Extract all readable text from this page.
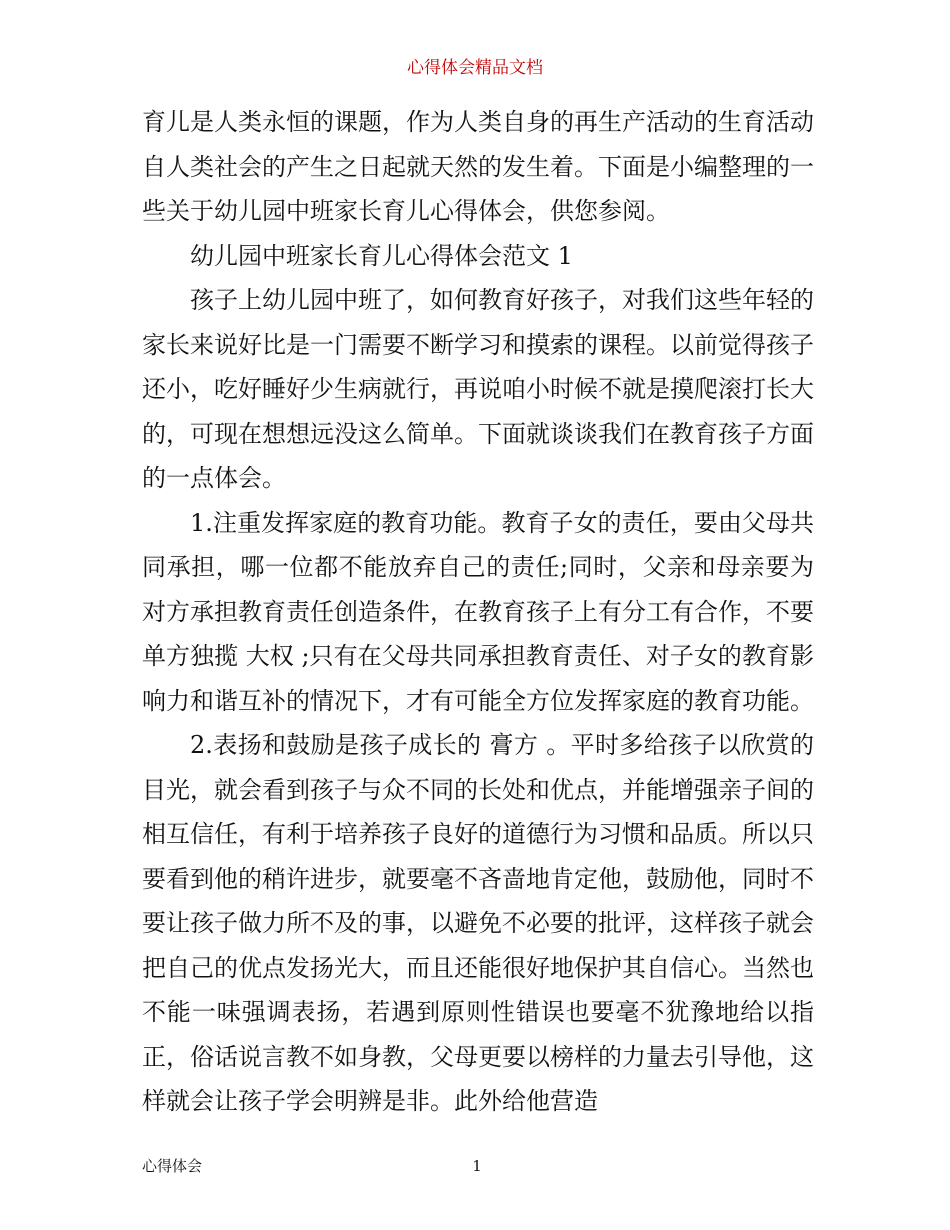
心得体会精品文档

育儿是人类永恒的课题，作为人类自身的再生产活动的生育活动自人类社会的产生之日起就天然的发生着。下面是小编整理的一些关于幼儿园中班家长育儿心得体会，供您参阅。

幼儿园中班家长育儿心得体会范文 1

孩子上幼儿园中班了，如何教育好孩子，对我们这些年轻的家长来说好比是一门需要不断学习和摸索的课程。以前觉得孩子还小，吃好睡好少生病就行，再说咱小时候不就是摸爬滚打长大的，可现在想想远没这么简单。下面就谈谈我们在教育孩子方面的一点体会。

1.注重发挥家庭的教育功能。教育子女的责任，要由父母共同承担，哪一位都不能放弃自己的责任;同时，父亲和母亲要为对方承担教育责任创造条件，在教育孩子上有分工有合作，不要单方独揽 大权 ;只有在父母共同承担教育责任、对子女的教育影响力和谐互补的情况下，才有可能全方位发挥家庭的教育功能。

2.表扬和鼓励是孩子成长的 膏方 。平时多给孩子以欣赏的目光，就会看到孩子与众不同的长处和优点，并能增强亲子间的相互信任，有利于培养孩子良好的道德行为习惯和品质。所以只要看到他的稍许进步，就要毫不吝啬地肯定他，鼓励他，同时不要让孩子做力所不及的事，以避免不必要的批评，这样孩子就会把自己的优点发扬光大，而且还能很好地保护其自信心。当然也不能一味强调表扬，若遇到原则性错误也要毫不犹豫地给以指正，俗话说言教不如身教，父母更要以榜样的力量去引导他，这样就会让孩子学会明辨是非。此外给他营造

心得体会	1
